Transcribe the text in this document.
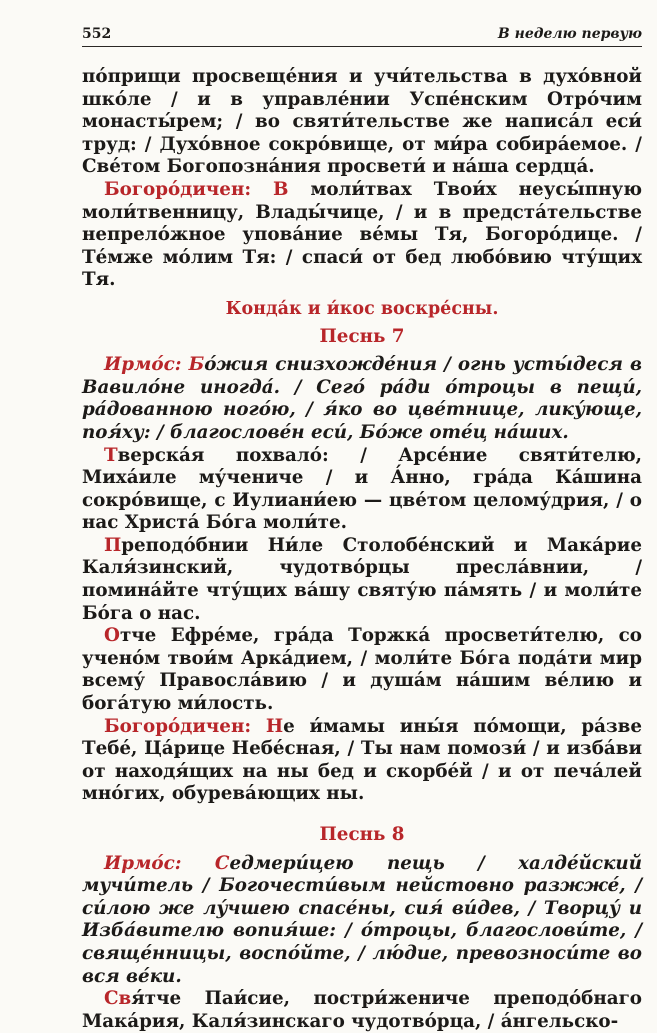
552	В неделю первую

по́прищи просвеще́ния и учи́тельства в духо́вной шко́ле / и в управле́нии Успе́нским Отро́чим монасты́рем; / во святи́тельстве же написа́л еси́ труд: / Духо́вное сокро́вище, от ми́ра собира́емое. / Све́том Богопозна́ния просвети́ и на́ша сердца́.

Богоро́дичен: В моли́твах Твои́х неусы́пную моли́твенницу, Влады́чице, / и в предста́тельстве непрело́жное упова́ние ве́мы Тя, Богоро́дице. / Те́мже мо́лим Тя: / спаси́ от бед любо́вию чту́щих Тя.

Конда́к и и́кос воскре́сны.
Песнь 7

Ирмо́с: Бо́жия снизхожде́ния / огнь усты́деся в Вавило́не иногда́. / Сего́ ра́ди о́троцы в пещи́, ра́дованною ного́ю, / я́ко во цве́тнице, лику́юще, поя́ху: / благослове́н еси́, Бо́же оте́ц на́ших.

Тверска́я похвало́: / Арсе́ние святи́телю, Миха́иле му́чениче / и А́нно, гра́да Ка́шина сокро́вище, с Иулиани́ею — цве́том целому́дрия, / о нас Христа́ Бо́га моли́те.

Преподо́бнии Ни́ле Столобе́нский и Мака́рие Каля́зинский, чудотво́рцы пресла́внии, / помина́йте чту́щих ва́шу святу́ю па́мять / и моли́те Бо́га о нас.

Отче Ефре́ме, гра́да Торжка́ просвети́телю, со учено́м твои́м Арка́дием, / моли́те Бо́га пода́ти мир всему́ Правосла́вию / и душа́м на́шим ве́лию и бога́тую ми́лость.

Богоро́дичен: Не и́мамы ины́я по́мощи, ра́зве Тебе́, Ца́рице Небе́сная, / Ты нам помози́ / и изба́ви от находя́щих на ны бед и скорбе́й / и от печа́лей мно́гих, обурева́ющих ны.

Песнь 8

Ирмо́с: Седмери́цею пещь / халде́йский мучи́тель / Богочести́вым нейстовно разжже́, / си́лою же лу́чшею спасе́ны, сия́ ви́дев, / Творцу́ и Изба́вителю вопия́ше: / о́троцы, благослови́те, / свяще́нницы, воспо́йте, / лю́дие, превозноси́те во вся ве́ки.

Свя́тче Паи́сие, постри́жениче преподо́бнаго Мака́рия, Каля́зинскаго чудотво́рца, / а́нгельско-
